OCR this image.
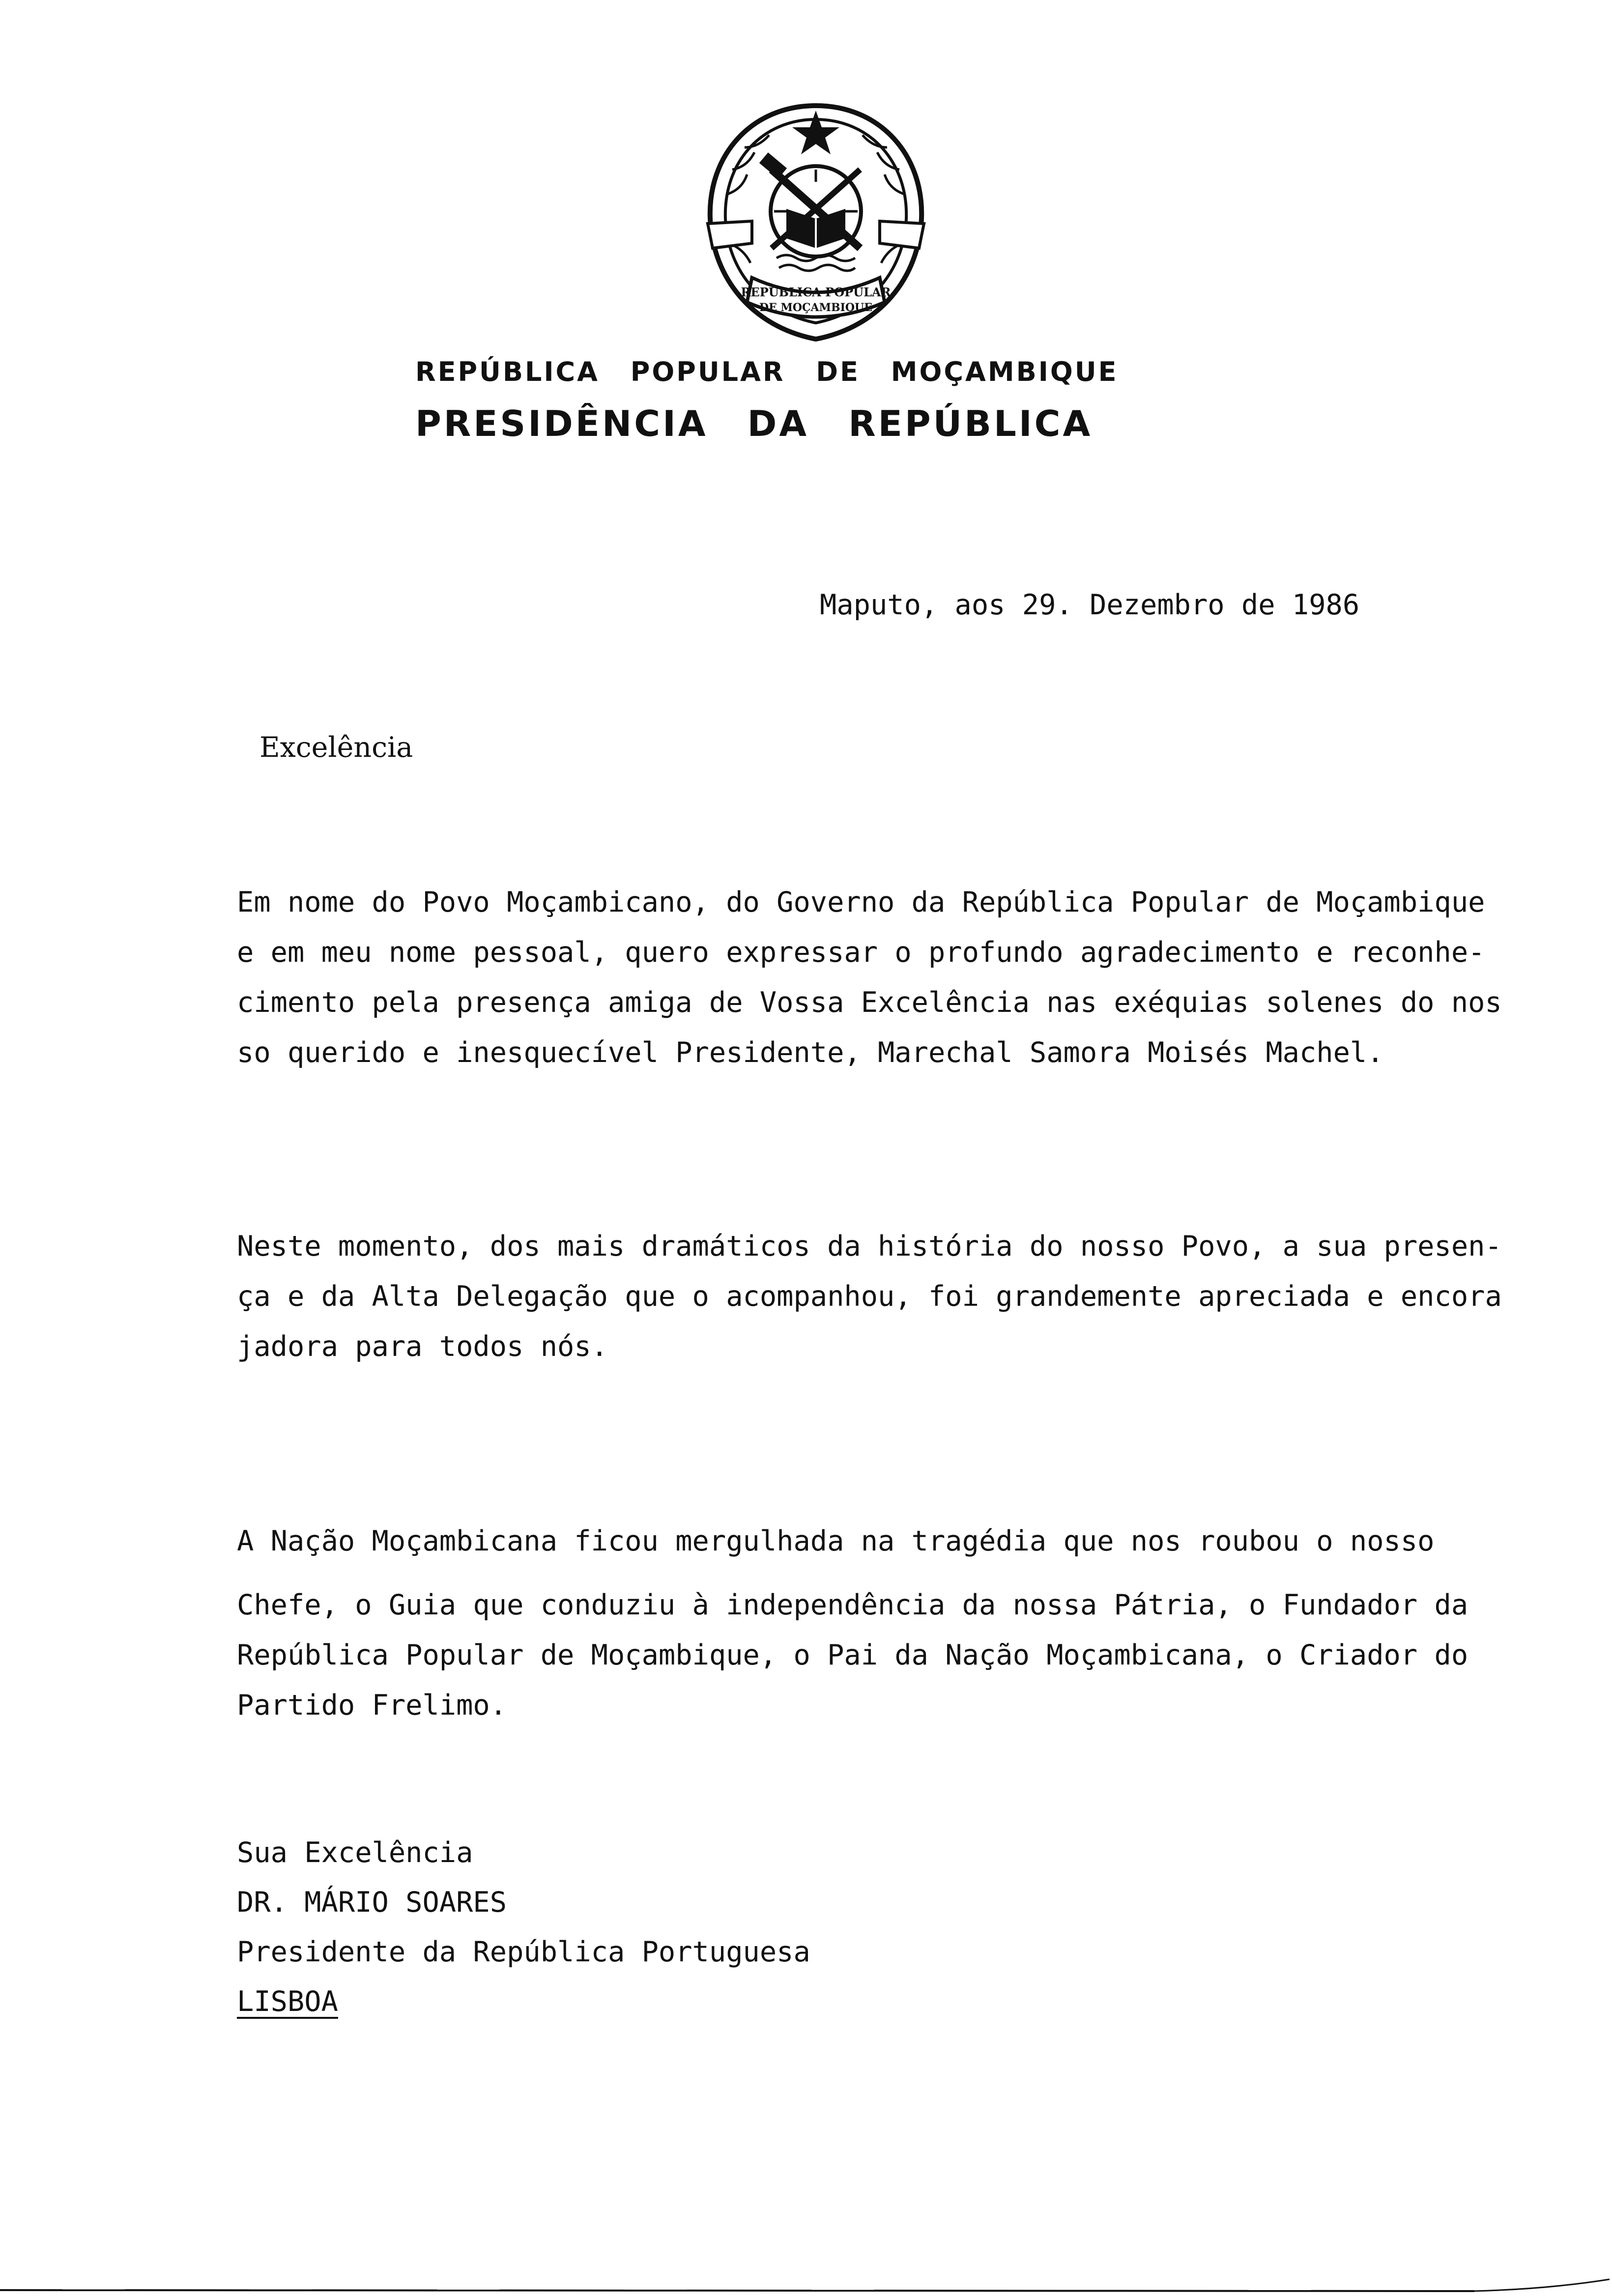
REPÚBLICA POPULAR
DE MOÇAMBIQUE
REPÚBLICA POPULAR DE MOÇAMBIQUE
PRESIDÊNCIA DA REPÚBLICA
Maputo, aos 29. Dezembro de 1986
Excelência
Em nome do Povo Moçambicano, do Governo da República Popular de Moçambique
e em meu nome pessoal, quero expressar o profundo agradecimento e reconhe-
cimento pela presença amiga de Vossa Excelência nas exéquias solenes do nos
so querido e inesquecível Presidente, Marechal Samora Moisés Machel.
Neste momento, dos mais dramáticos da história do nosso Povo, a sua presen-
ça e da Alta Delegação que o acompanhou, foi grandemente apreciada e encora
jadora para todos nós.
A Nação Moçambicana ficou mergulhada na tragédia que nos roubou o nosso
Chefe, o Guia que conduziu à independência da nossa Pátria, o Fundador da
República Popular de Moçambique, o Pai da Nação Moçambicana, o Criador do
Partido Frelimo.
Sua Excelência
DR. MÁRIO SOARES
Presidente da República Portuguesa
LISBOA
